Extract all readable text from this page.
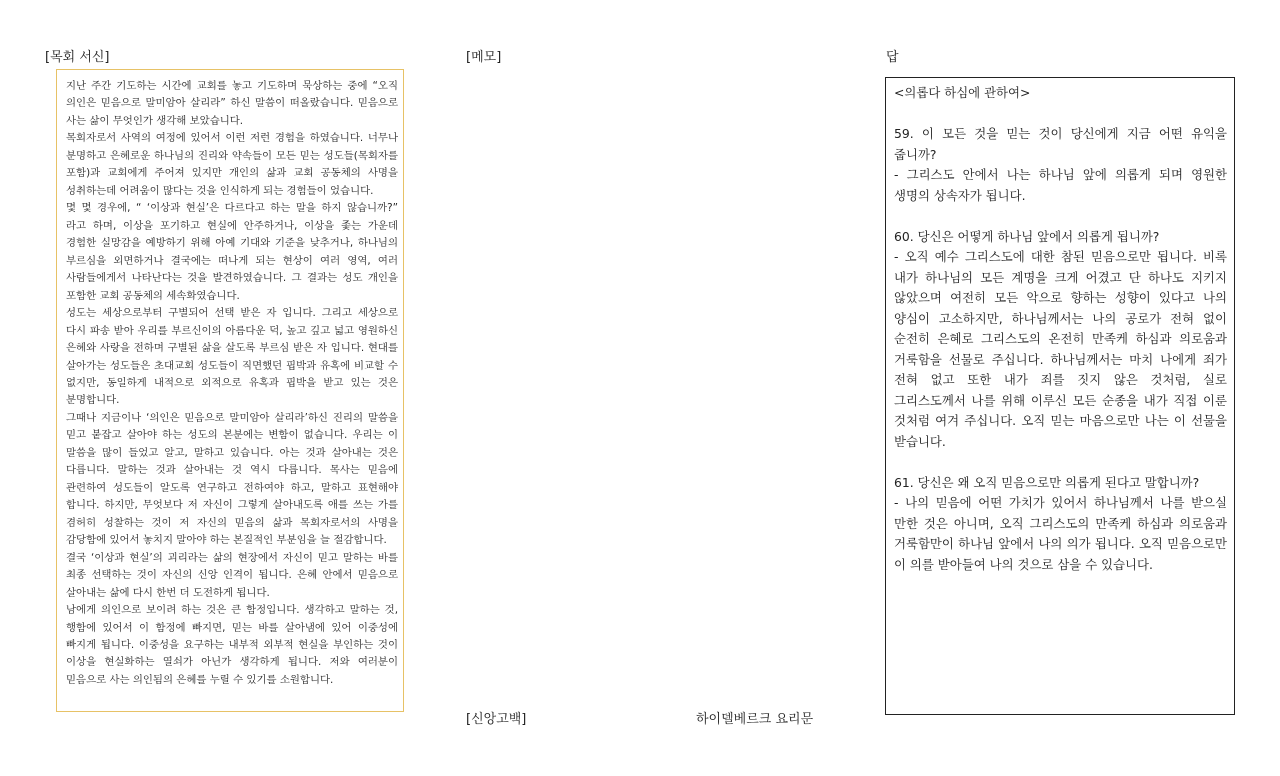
[목회 서신]	[메모]	답

지난 주간 기도하는 시간에 교회를 놓고 기도하며 묵상하는 중에 “오직 의인은 믿음으로 말미암아 살리라” 하신 말씀이 떠올랐습니다. 믿음으로 사는 삶이 무엇인가 생각해 보았습니다.

목회자로서 사역의 여정에 있어서 이런 저런 경험을 하였습니다. 너무나 분명하고 은혜로운 하나님의 진리와 약속들이 모든 믿는 성도들(목회자를 포함)과 교회에게 주어져 있지만 개인의 삶과 교회 공동체의 사명을 성취하는데 어려움이 많다는 것을 인식하게 되는 경험들이 었습니다.

몇 몇 경우에, “ ‘이상과 현실’은 다르다고 하는 말을 하지 않습니까?” 라고 하며, 이상을 포기하고 현실에 안주하거나, 이상을 좇는 가운데 경험한 실망감을 예방하기 위해 아예 기대와 기준을 낮추거나, 하나님의 부르심을 외면하거나 결국에는 떠나게 되는 현상이 여러 영역, 여러 사람들에게서 나타난다는 것을 발견하였습니다. 그 결과는 성도 개인을 포함한 교회 공동체의 세속화였습니다.

성도는 세상으로부터 구별되어 선택 받은 자 입니다. 그리고 세상으로 다시 파송 받아 우리를 부르신이의 아름다운 덕, 높고 깊고 넓고 영원하신 은혜와 사랑을 전하며 구별된 삶을 살도록 부르심 받은 자 입니다. 현대를 살아가는 성도들은 초대교회 성도들이 직면했던 핍박과 유혹에 비교할 수 없지만, 동일하게 내적으로 외적으로 유혹과 핍박을 받고 있는 것은 분명합니다.

그때나 지금이나 ‘의인은 믿음으로 말미암아 살리라’하신 진리의 말씀을 믿고 붙잡고 살아야 하는 성도의 본분에는 변함이 없습니다. 우리는 이 말씀을 많이 들었고 알고, 말하고 있습니다. 아는 것과 살아내는 것은 다릅니다. 말하는 것과 살아내는 것 역시 다릅니다. 목사는 믿음에 관련하여 성도들이 알도록 연구하고 전하여야 하고, 말하고 표현해야 합니다. 하지만, 무엇보다 저 자신이 그렇게 살아내도록 애를 쓰는 가를 겸허히 성찰하는 것이 저 자신의 믿음의 삶과 목회자로서의 사명을 감당함에 있어서 놓치지 말아야 하는 본질적인 부분임을 늘 절감합니다.

결국 ‘이상과 현실’의 괴리라는 삶의 현장에서 자신이 믿고 말하는 바를 최종 선택하는 것이 자신의 신앙 인격이 됩니다. 은혜 안에서 믿음으로 살아내는 삶에 다시 한번 더 도전하게 됩니다.

남에게 의인으로 보이려 하는 것은 큰 함정입니다. 생각하고 말하는 것, 행함에 있어서 이 함정에 빠지면, 믿는 바를 살아냄에 있어 이중성에 빠지게 됩니다. 이중성을 요구하는 내부적 외부적 현실을 부인하는 것이 이상을 현실화하는 열쇠가 아닌가 생각하게 됩니다. 저와 여러분이 믿음으로 사는 의인됨의 은혜를 누릴 수 있기를 소원합니다.

<의롭다 하심에 관하여>

59. 이 모든 것을 믿는 것이 당신에게 지금 어떤 유익을 줍니까?

- 그리스도 안에서 나는 하나님 앞에 의롭게 되며 영원한 생명의 상속자가 됩니다.

60. 당신은 어떻게 하나님 앞에서 의롭게 됩니까?

- 오직 예수 그리스도에 대한 참된 믿음으로만 됩니다. 비록 내가 하나님의 모든 계명을 크게 어겼고 단 하나도 지키지 않았으며 여전히 모든 악으로 향하는 성향이 있다고 나의 양심이 고소하지만, 하나님께서는 나의 공로가 전혀 없이 순전히 은혜로 그리스도의 온전히 만족케 하심과 의로움과 거룩함을 선물로 주십니다. 하나님께서는 마치 나에게 죄가 전혀 없고 또한 내가 죄를 짓지 않은 것처럼, 실로 그리스도께서 나를 위해 이루신 모든 순종을 내가 직접 이룬 것처럼 여겨 주십니다. 오직 믿는 마음으로만 나는 이 선물을 받습니다.

61. 당신은 왜 오직 믿음으로만 의롭게 된다고 말합니까?

- 나의 믿음에 어떤 가치가 있어서 하나님께서 나를 받으실 만한 것은 아니며, 오직 그리스도의 만족케 하심과 의로움과 거룩함만이 하나님 앞에서 나의 의가 됩니다. 오직 믿음으로만 이 의를 받아들여 나의 것으로 삼을 수 있습니다.

[신앙고백]	하이델베르크 요리문
